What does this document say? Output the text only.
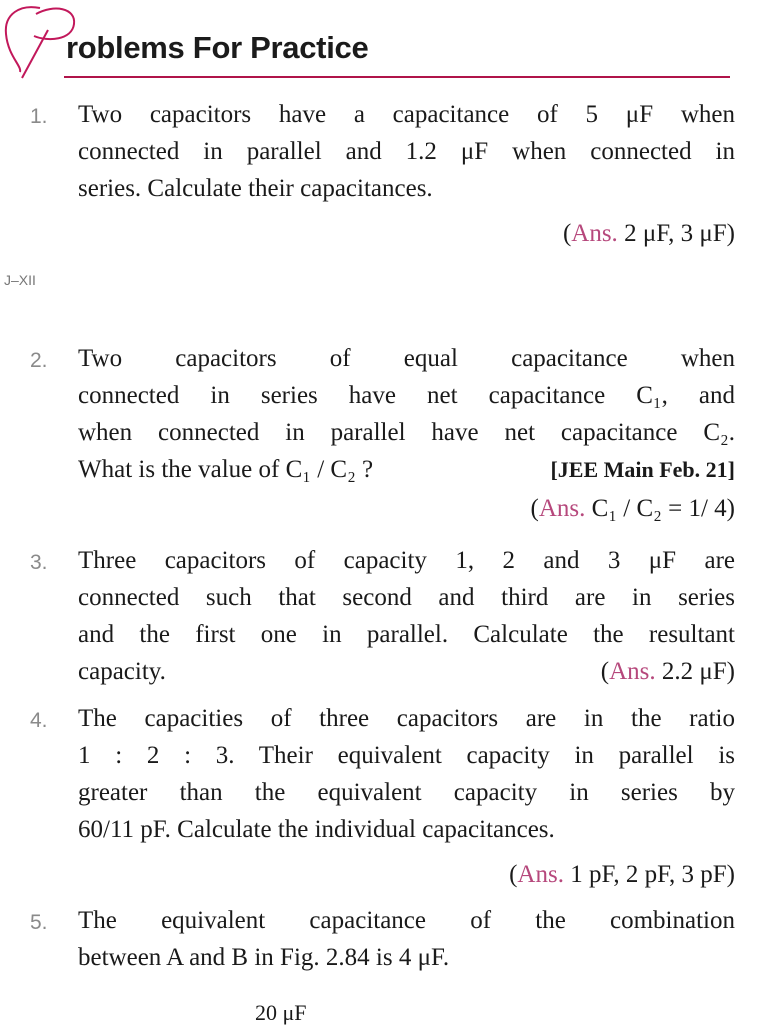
roblems For Practice
J–XII
1. Two capacitors have a capacitance of 5 μF when
connected in parallel and 1.2 μF when connected in
series. Calculate their capacitances.
(Ans. 2 μF, 3 μF)
2. Two capacitors of equal capacitance when
connected in series have net capacitance C₁, and
when connected in parallel have net capacitance C₂.
What is the value of C₁ / C₂ ?	[JEE Main Feb. 21]
(Ans. C₁ / C₂ = 1/ 4)
3. Three capacitors of capacity 1, 2 and 3 μF are
connected such that second and third are in series
and the first one in parallel. Calculate the resultant
capacity.	(Ans. 2.2 μF)
4. The capacities of three capacitors are in the ratio
1 : 2 : 3. Their equivalent capacity in parallel is
greater than the equivalent capacity in series by
60/11 pF. Calculate the individual capacitances.
(Ans. 1 pF, 2 pF, 3 pF)
5. The equivalent capacitance of the combination
between A and B in Fig. 2.84 is 4 μF.
20 μF
